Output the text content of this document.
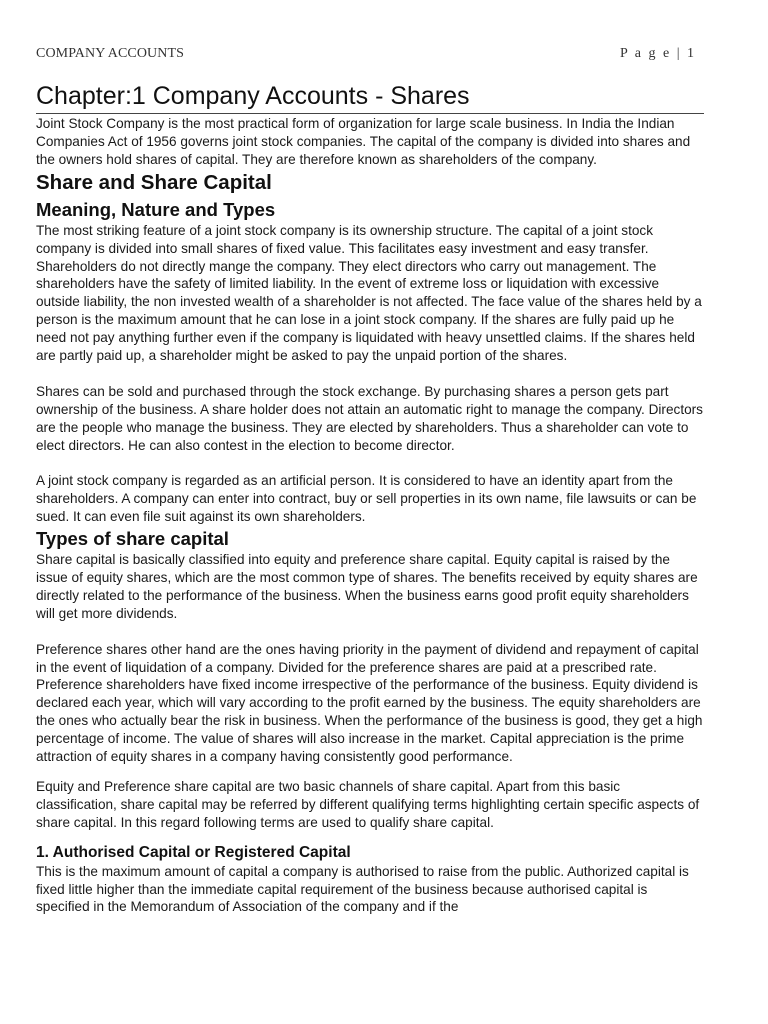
COMPANY ACCOUNTS	P a g e | 1
Chapter:1 Company Accounts - Shares

Joint Stock Company is the most practical form of organization for large scale business. In India the Indian Companies Act of 1956 governs joint stock companies. The capital of the company is divided into shares and the owners hold shares of capital. They are therefore known as shareholders of the company.

Share and Share Capital
Meaning, Nature and Types

The most striking feature of a joint stock company is its ownership structure. The capital of a joint stock company is divided into small shares of fixed value. This facilitates easy investment and easy transfer. Shareholders do not directly mange the company. They elect directors who carry out management. The shareholders have the safety of limited liability. In the event of extreme loss or liquidation with excessive outside liability, the non invested wealth of a shareholder is not affected. The face value of the shares held by a person is the maximum amount that he can lose in a joint stock company. If the shares are fully paid up he need not pay anything further even if the company is liquidated with heavy unsettled claims. If the shares held are partly paid up, a shareholder might be asked to pay the unpaid portion of the shares.

Shares can be sold and purchased through the stock exchange. By purchasing shares a person gets part ownership of the business. A share holder does not attain an automatic right to manage the company. Directors are the people who manage the business. They are elected by shareholders. Thus a shareholder can vote to elect directors. He can also contest in the election to become director.

A joint stock company is regarded as an artificial person. It is considered to have an identity apart from the shareholders. A company can enter into contract, buy or sell properties in its own name, file lawsuits or can be sued. It can even file suit against its own shareholders.

Types of share capital

Share capital is basically classified into equity and preference share capital. Equity capital is raised by the issue of equity shares, which are the most common type of shares. The benefits received by equity shares are directly related to the performance of the business. When the business earns good profit equity shareholders will get more dividends.

Preference shares other hand are the ones having priority in the payment of dividend and repayment of capital in the event of liquidation of a company. Divided for the preference shares are paid at a prescribed rate. Preference shareholders have fixed income irrespective of the performance of the business. Equity dividend is declared each year, which will vary according to the profit earned by the business. The equity shareholders are the ones who actually bear the risk in business. When the performance of the business is good, they get a high percentage of income. The value of shares will also increase in the market. Capital appreciation is the prime attraction of equity shares in a company having consistently good performance.

Equity and Preference share capital are two basic channels of share capital. Apart from this basic classification, share capital may be referred by different qualifying terms highlighting certain specific aspects of share capital. In this regard following terms are used to qualify share capital.

1. Authorised Capital or Registered Capital

This is the maximum amount of capital a company is authorised to raise from the public. Authorized capital is fixed little higher than the immediate capital requirement of the business because authorised capital is specified in the Memorandum of Association of the company and if the
